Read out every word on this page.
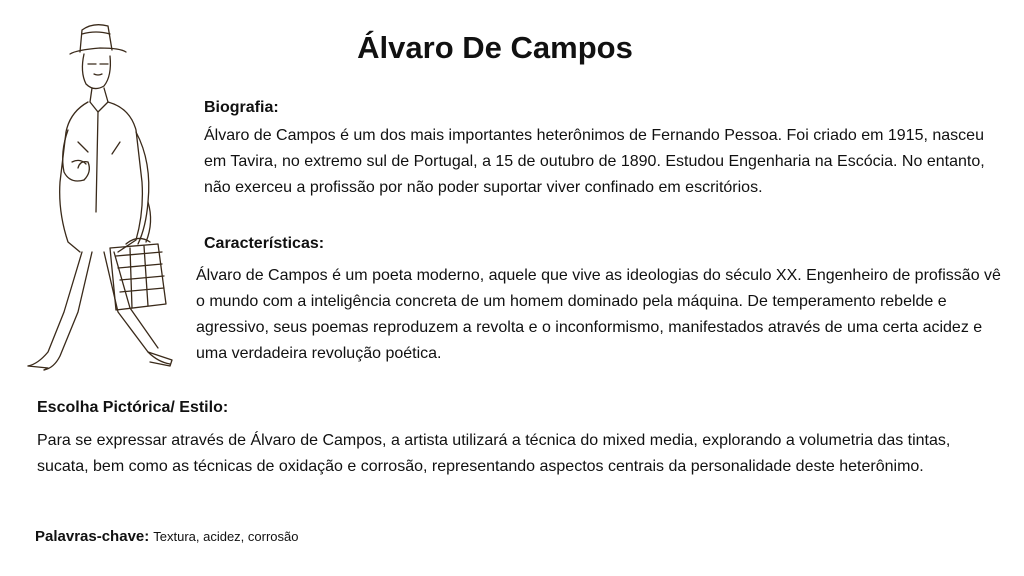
Álvaro De Campos
Biografia:

Álvaro de Campos é um dos mais importantes heterônimos de Fernando Pessoa. Foi criado em 1915, nasceu em Tavira, no extremo sul de Portugal, a 15 de outubro de 1890. Estudou Engenharia na Escócia. No entanto, não exerceu a profissão por não poder suportar viver confinado em escritórios.

Características:

Álvaro de Campos é um poeta moderno, aquele que vive as ideologias do século XX. Engenheiro de profissão vê o mundo com a inteligência concreta de um homem dominado pela máquina. De temperamento rebelde e agressivo, seus poemas reproduzem a revolta e o inconformismo, manifestados através de uma certa acidez e uma verdadeira revolução poética.

Escolha Pictórica/ Estilo:

Para se expressar através de Álvaro de Campos, a artista utilizará a técnica do mixed media, explorando a volumetria das tintas, sucata, bem como as técnicas de oxidação e corrosão, representando aspectos centrais da personalidade deste heterônimo.

Palavras-chave: Textura, acidez, corrosão
